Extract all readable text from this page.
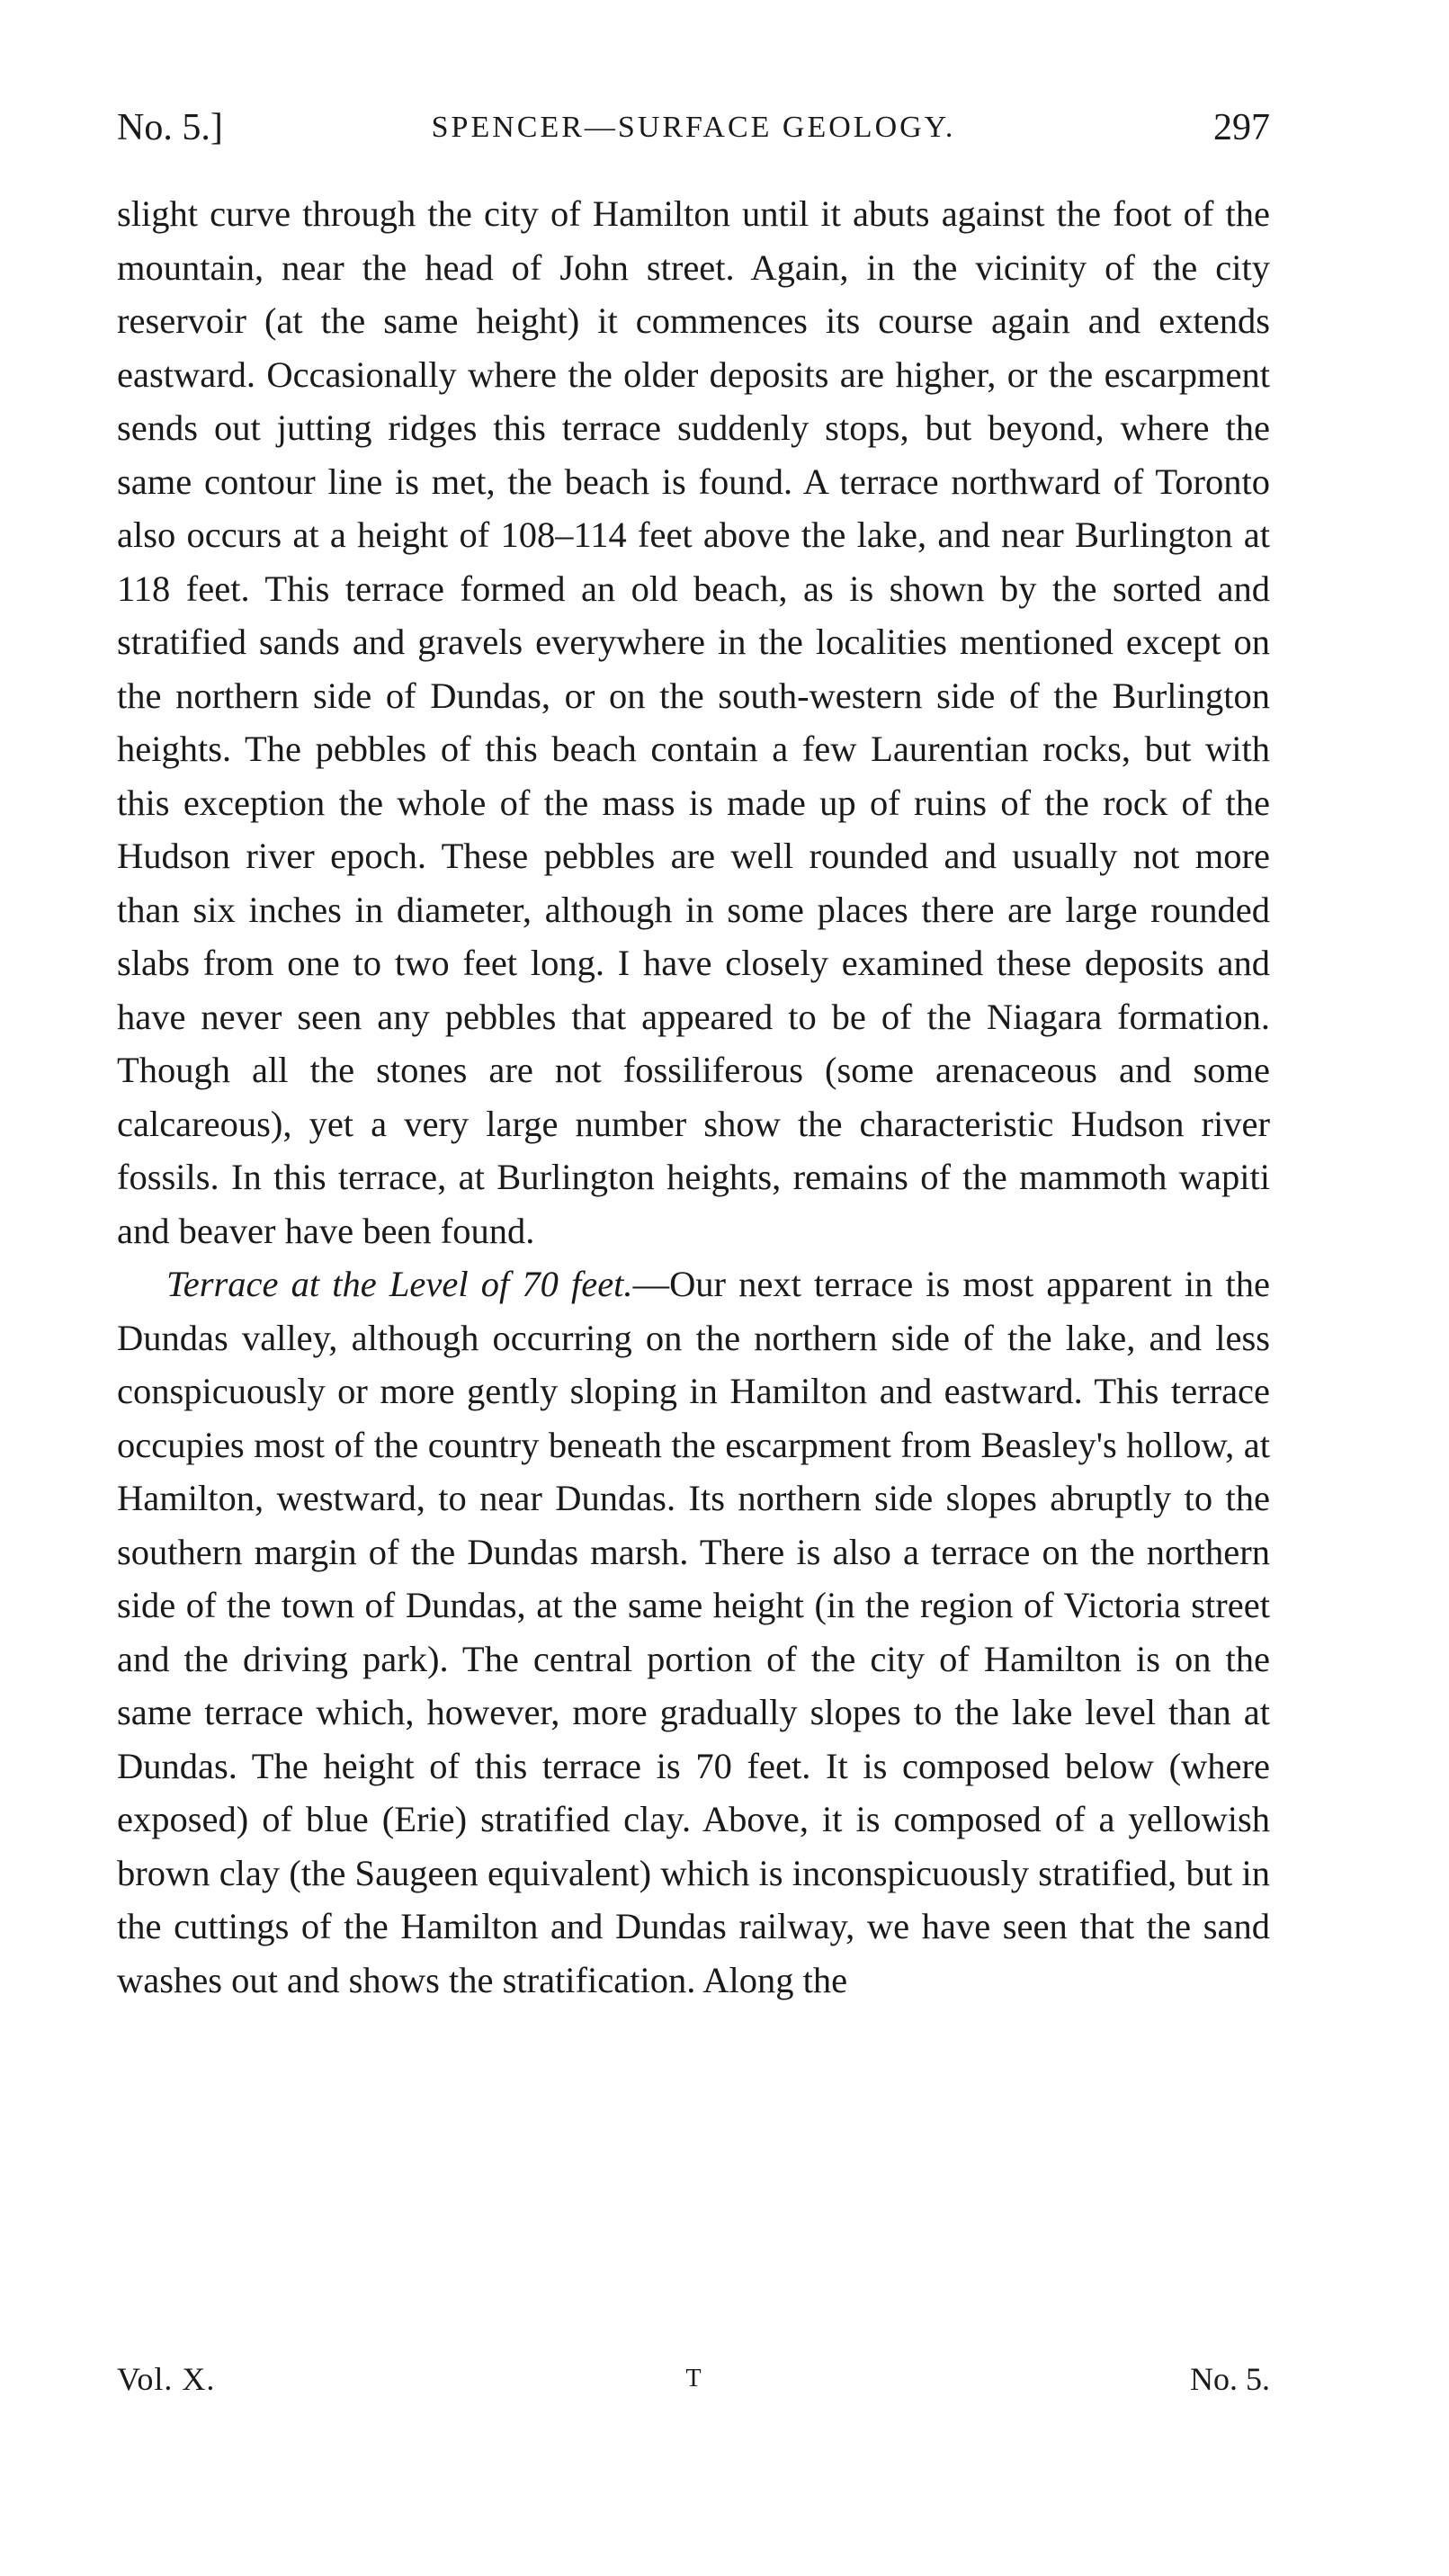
No. 5.]	SPENCER—SURFACE GEOLOGY.	297

slight curve through the city of Hamilton until it abuts against the foot of the mountain, near the head of John street. Again, in the vicinity of the city reservoir (at the same height) it commences its course again and extends eastward. Occasionally where the older deposits are higher, or the escarpment sends out jutting ridges this terrace suddenly stops, but beyond, where the same contour line is met, the beach is found. A terrace northward of Toronto also occurs at a height of 108–114 feet above the lake, and near Burlington at 118 feet. This terrace formed an old beach, as is shown by the sorted and stratified sands and gravels everywhere in the localities mentioned except on the northern side of Dundas, or on the south-western side of the Burlington heights. The pebbles of this beach contain a few Laurentian rocks, but with this exception the whole of the mass is made up of ruins of the rock of the Hudson river epoch. These pebbles are well rounded and usually not more than six inches in diameter, although in some places there are large rounded slabs from one to two feet long. I have closely examined these deposits and have never seen any pebbles that appeared to be of the Niagara formation. Though all the stones are not fossiliferous (some arenaceous and some calcareous), yet a very large number show the characteristic Hudson river fossils. In this terrace, at Burlington heights, remains of the mammoth wapiti and beaver have been found.

Terrace at the Level of 70 feet.—Our next terrace is most apparent in the Dundas valley, although occurring on the northern side of the lake, and less conspicuously or more gently sloping in Hamilton and eastward. This terrace occupies most of the country beneath the escarpment from Beasley's hollow, at Hamilton, westward, to near Dundas. Its northern side slopes abruptly to the southern margin of the Dundas marsh. There is also a terrace on the northern side of the town of Dundas, at the same height (in the region of Victoria street and the driving park). The central portion of the city of Hamilton is on the same terrace which, however, more gradually slopes to the lake level than at Dundas. The height of this terrace is 70 feet. It is composed below (where exposed) of blue (Erie) stratified clay. Above, it is composed of a yellowish brown clay (the Saugeen equivalent) which is inconspicuously stratified, but in the cuttings of the Hamilton and Dundas railway, we have seen that the sand washes out and shows the stratification. Along the

Vol. X.	T	No. 5.
